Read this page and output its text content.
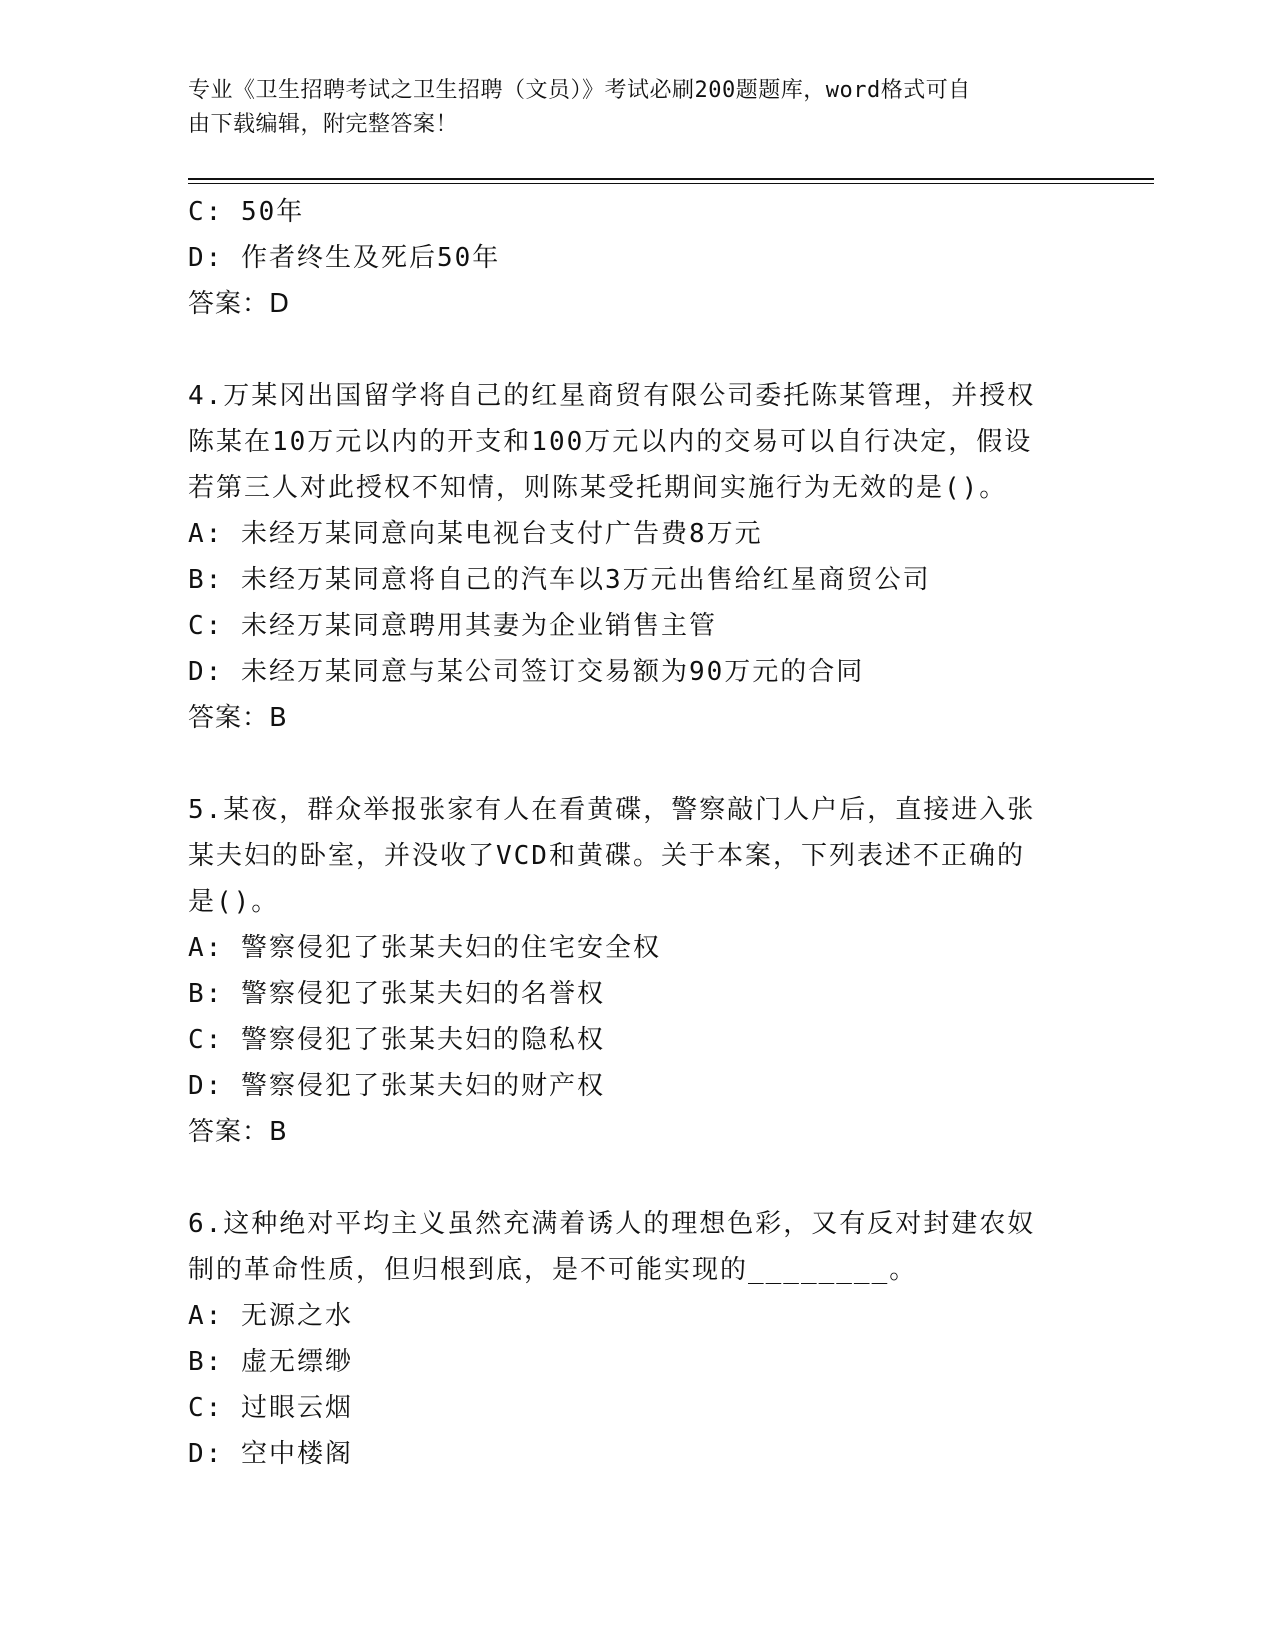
专业《卫生招聘考试之卫生招聘（文员）》考试必刷200题题库，word格式可自
由下载编辑，附完整答案！
C: 50年
D: 作者终生及死后50年
答案：D
4.万某冈出国留学将自己的红星商贸有限公司委托陈某管理，并授权
陈某在10万元以内的开支和100万元以内的交易可以自行决定，假设
若第三人对此授权不知情，则陈某受托期间实施行为无效的是()。
A: 未经万某同意向某电视台支付广告费8万元
B: 未经万某同意将自己的汽车以3万元出售给红星商贸公司
C: 未经万某同意聘用其妻为企业销售主管
D: 未经万某同意与某公司签订交易额为90万元的合同
答案：B
5.某夜，群众举报张家有人在看黄碟，警察敲门人户后，直接进入张
某夫妇的卧室，并没收了VCD和黄碟。关于本案，下列表述不正确的
是()。
A: 警察侵犯了张某夫妇的住宅安全权
B: 警察侵犯了张某夫妇的名誉权
C: 警察侵犯了张某夫妇的隐私权
D: 警察侵犯了张某夫妇的财产权
答案：B
6.这种绝对平均主义虽然充满着诱人的理想色彩，又有反对封建农奴
制的革命性质，但归根到底，是不可能实现的________。
A: 无源之水
B: 虚无缥缈
C: 过眼云烟
D: 空中楼阁
